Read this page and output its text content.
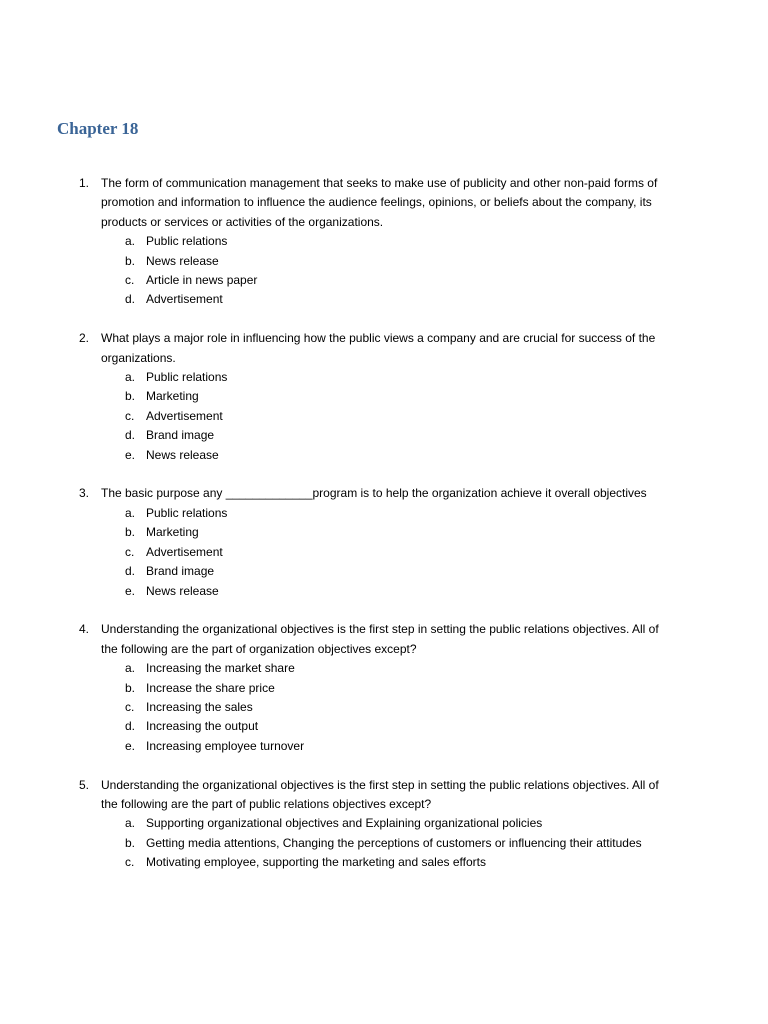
Chapter 18
1. The form of communication management that seeks to make use of publicity and other non-paid forms of promotion and information to influence the audience feelings, opinions, or beliefs about the company, its products or services or activities of the organizations.
a. Public relations
b. News release
c. Article in news paper
d. Advertisement
2. What plays a major role in influencing how the public views a company and are crucial for success of the organizations.
a. Public relations
b. Marketing
c. Advertisement
d. Brand image
e. News release
3. The basic purpose any _____________program is to help the organization achieve it overall objectives
a. Public relations
b. Marketing
c. Advertisement
d. Brand image
e. News release
4. Understanding the organizational objectives is the first step in setting the public relations objectives. All of the following are the part of organization objectives except?
a. Increasing the market share
b. Increase the share price
c. Increasing the sales
d. Increasing the output
e. Increasing employee turnover
5. Understanding the organizational objectives is the first step in setting the public relations objectives. All of the following are the part of public relations objectives except?
a. Supporting organizational objectives and Explaining organizational policies
b. Getting media attentions, Changing the perceptions of customers or influencing their attitudes
c. Motivating employee, supporting the marketing and sales efforts
